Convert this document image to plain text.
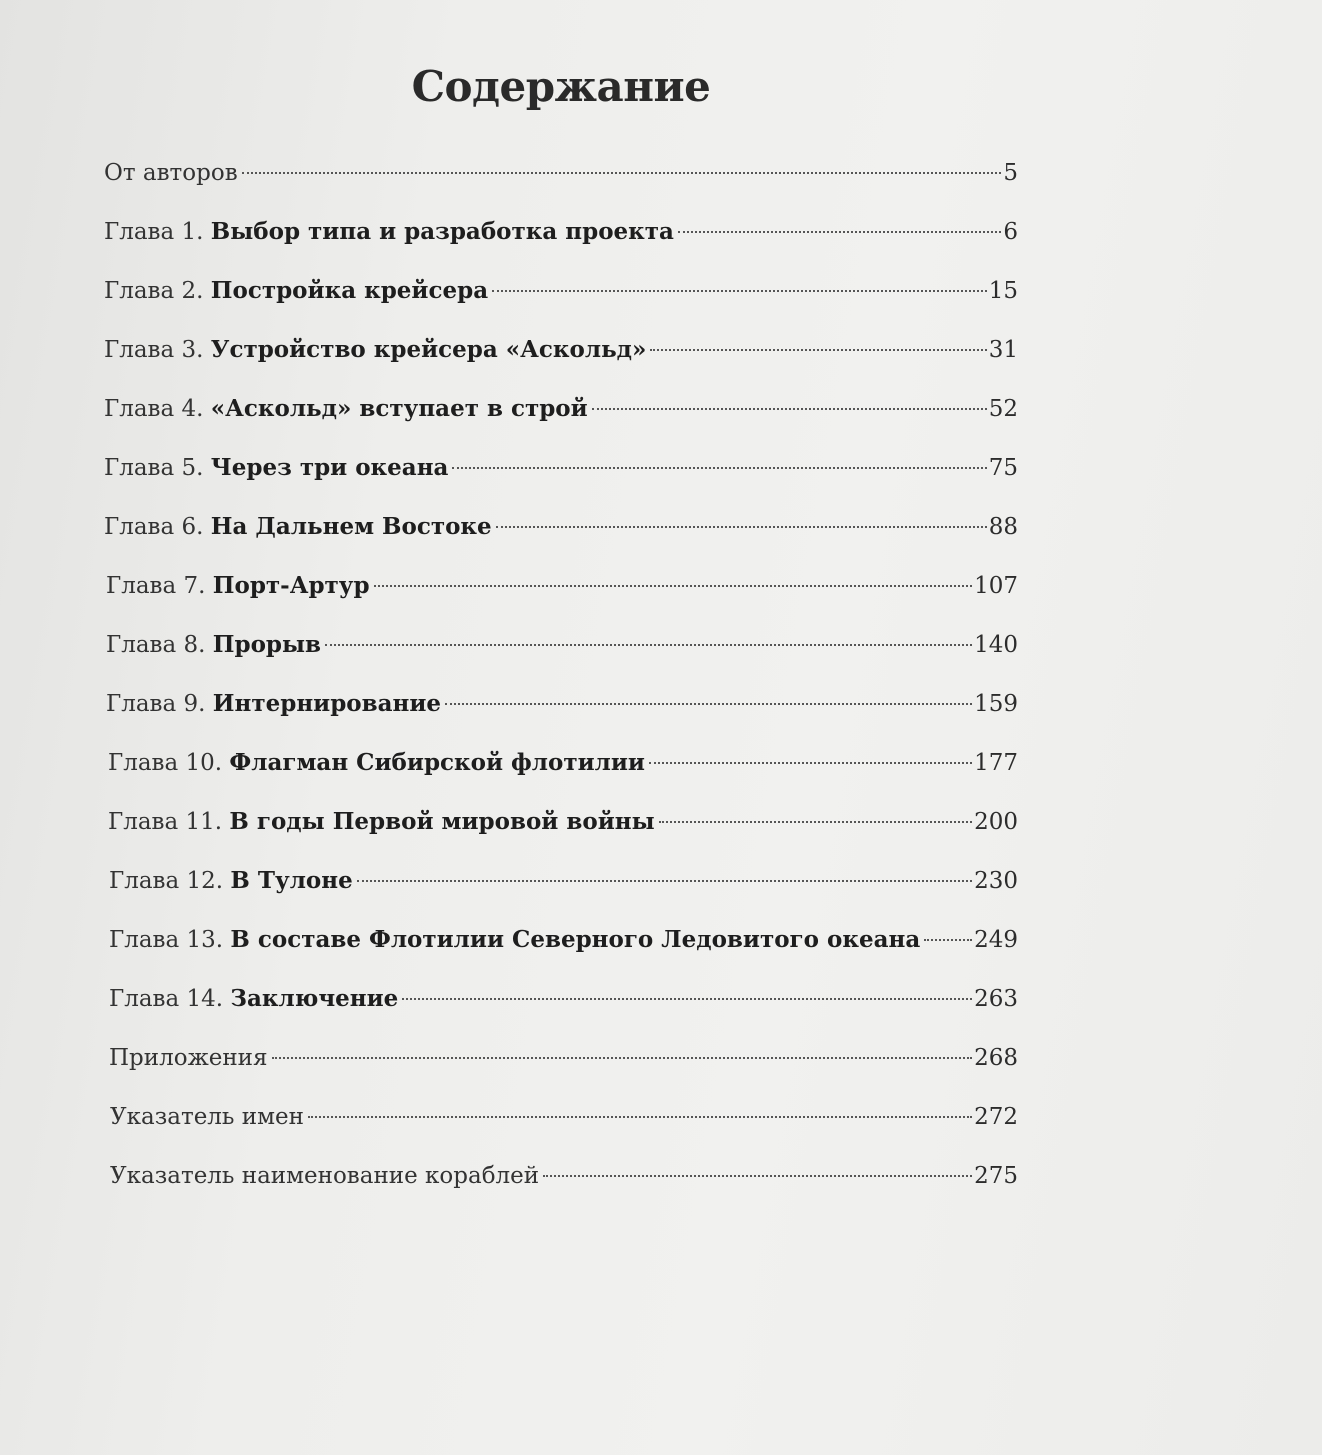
Содержание
От авторов	5
Глава 1. Выбор типа и разработка проекта	6
Глава 2. Постройка крейсера	15
Глава 3. Устройство крейсера «Аскольд»	31
Глава 4. «Аскольд» вступает в строй	52
Глава 5. Через три океана	75
Глава 6. На Дальнем Востоке	88
Глава 7. Порт-Артур	107
Глава 8. Прорыв	140
Глава 9. Интернирование	159
Глава 10. Флагман Сибирской флотилии	177
Глава 11. В годы Первой мировой войны	200
Глава 12. В Тулоне	230
Глава 13. В составе Флотилии Северного Ледовитого океана 249
Глава 14. Заключение	263
Приложения	268
Указатель имен	272
Указатель наименование кораблей	275
